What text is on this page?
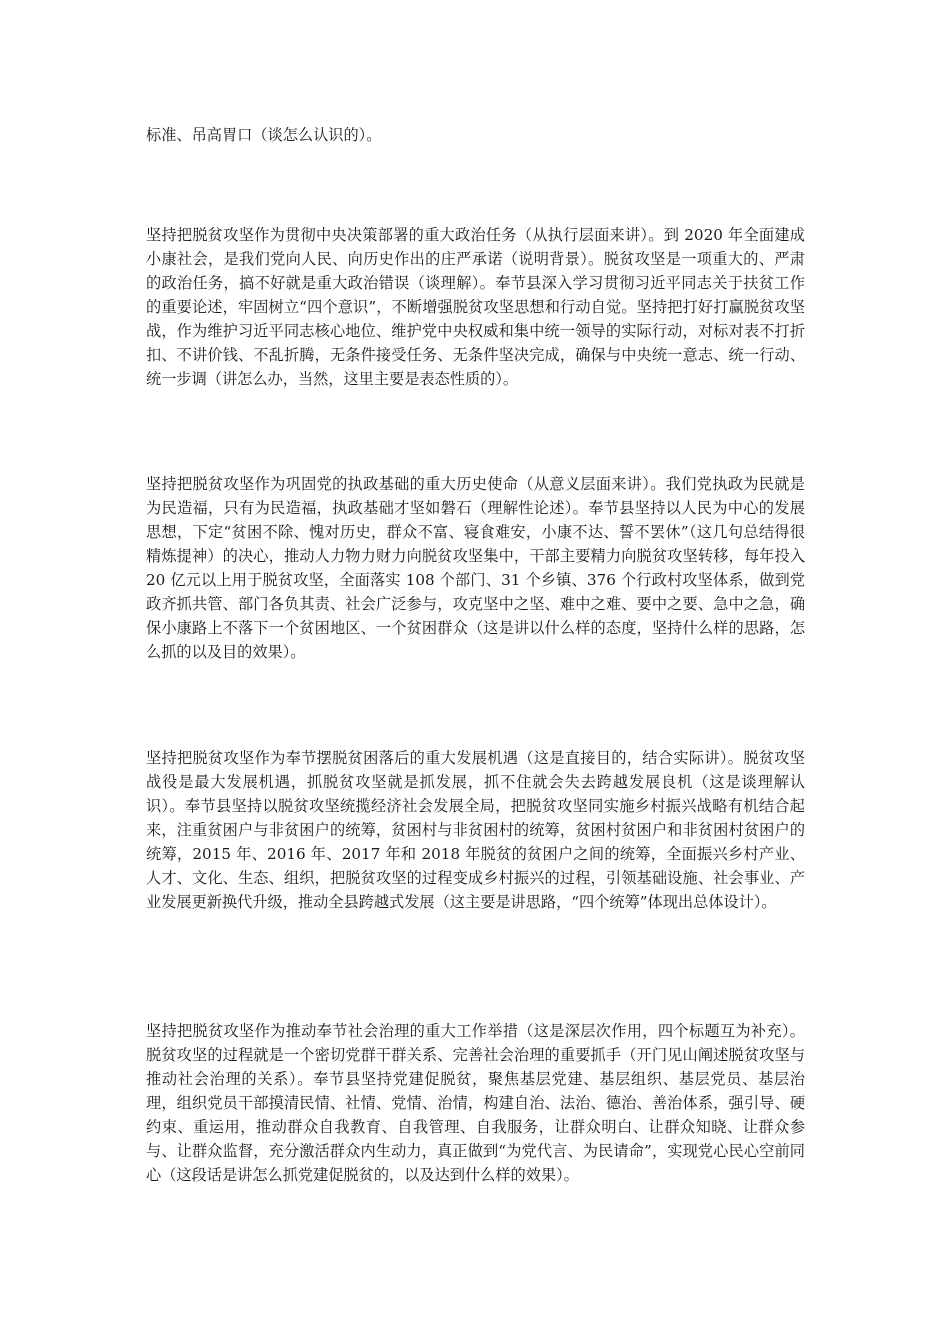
标准、吊高胃口（谈怎么认识的）。

坚持把脱贫攻坚作为贯彻中央决策部署的重大政治任务（从执行层面来讲）。到 2020 年全面建成小康社会，是我们党向人民、向历史作出的庄严承诺（说明背景）。脱贫攻坚是一项重大的、严肃的政治任务，搞不好就是重大政治错误（谈理解）。奉节县深入学习贯彻习近平同志关于扶贫工作的重要论述，牢固树立“四个意识”，不断增强脱贫攻坚思想和行动自觉。坚持把打好打赢脱贫攻坚战，作为维护习近平同志核心地位、维护党中央权威和集中统一领导的实际行动，对标对表不打折扣、不讲价钱、不乱折腾，无条件接受任务、无条件坚决完成，确保与中央统一意志、统一行动、统一步调（讲怎么办，当然，这里主要是表态性质的）。

坚持把脱贫攻坚作为巩固党的执政基础的重大历史使命（从意义层面来讲）。我们党执政为民就是为民造福，只有为民造福，执政基础才坚如磐石（理解性论述）。奉节县坚持以人民为中心的发展思想，下定“贫困不除、愧对历史，群众不富、寝食难安，小康不达、誓不罢休”（这几句总结得很精炼提神）的决心，推动人力物力财力向脱贫攻坚集中，干部主要精力向脱贫攻坚转移，每年投入 20 亿元以上用于脱贫攻坚，全面落实 108 个部门、31 个乡镇、376 个行政村攻坚体系，做到党政齐抓共管、部门各负其责、社会广泛参与，攻克坚中之坚、难中之难、要中之要、急中之急，确保小康路上不落下一个贫困地区、一个贫困群众（这是讲以什么样的态度，坚持什么样的思路，怎么抓的以及目的效果）。

坚持把脱贫攻坚作为奉节摆脱贫困落后的重大发展机遇（这是直接目的，结合实际讲）。脱贫攻坚战役是最大发展机遇，抓脱贫攻坚就是抓发展，抓不住就会失去跨越发展良机（这是谈理解认识）。奉节县坚持以脱贫攻坚统揽经济社会发展全局，把脱贫攻坚同实施乡村振兴战略有机结合起来，注重贫困户与非贫困户的统筹，贫困村与非贫困村的统筹，贫困村贫困户和非贫困村贫困户的统筹，2015 年、2016 年、2017 年和 2018 年脱贫的贫困户之间的统筹，全面振兴乡村产业、人才、文化、生态、组织，把脱贫攻坚的过程变成乡村振兴的过程，引领基础设施、社会事业、产业发展更新换代升级，推动全县跨越式发展（这主要是讲思路，“四个统筹”体现出总体设计）。

坚持把脱贫攻坚作为推动奉节社会治理的重大工作举措（这是深层次作用，四个标题互为补充）。脱贫攻坚的过程就是一个密切党群干群关系、完善社会治理的重要抓手（开门见山阐述脱贫攻坚与推动社会治理的关系）。奉节县坚持党建促脱贫，聚焦基层党建、基层组织、基层党员、基层治理，组织党员干部摸清民情、社情、党情、治情，构建自治、法治、德治、善治体系，强引导、硬约束、重运用，推动群众自我教育、自我管理、自我服务，让群众明白、让群众知晓、让群众参与、让群众监督，充分激活群众内生动力，真正做到“为党代言、为民请命”，实现党心民心空前同心（这段话是讲怎么抓党建促脱贫的，以及达到什么样的效果）。
